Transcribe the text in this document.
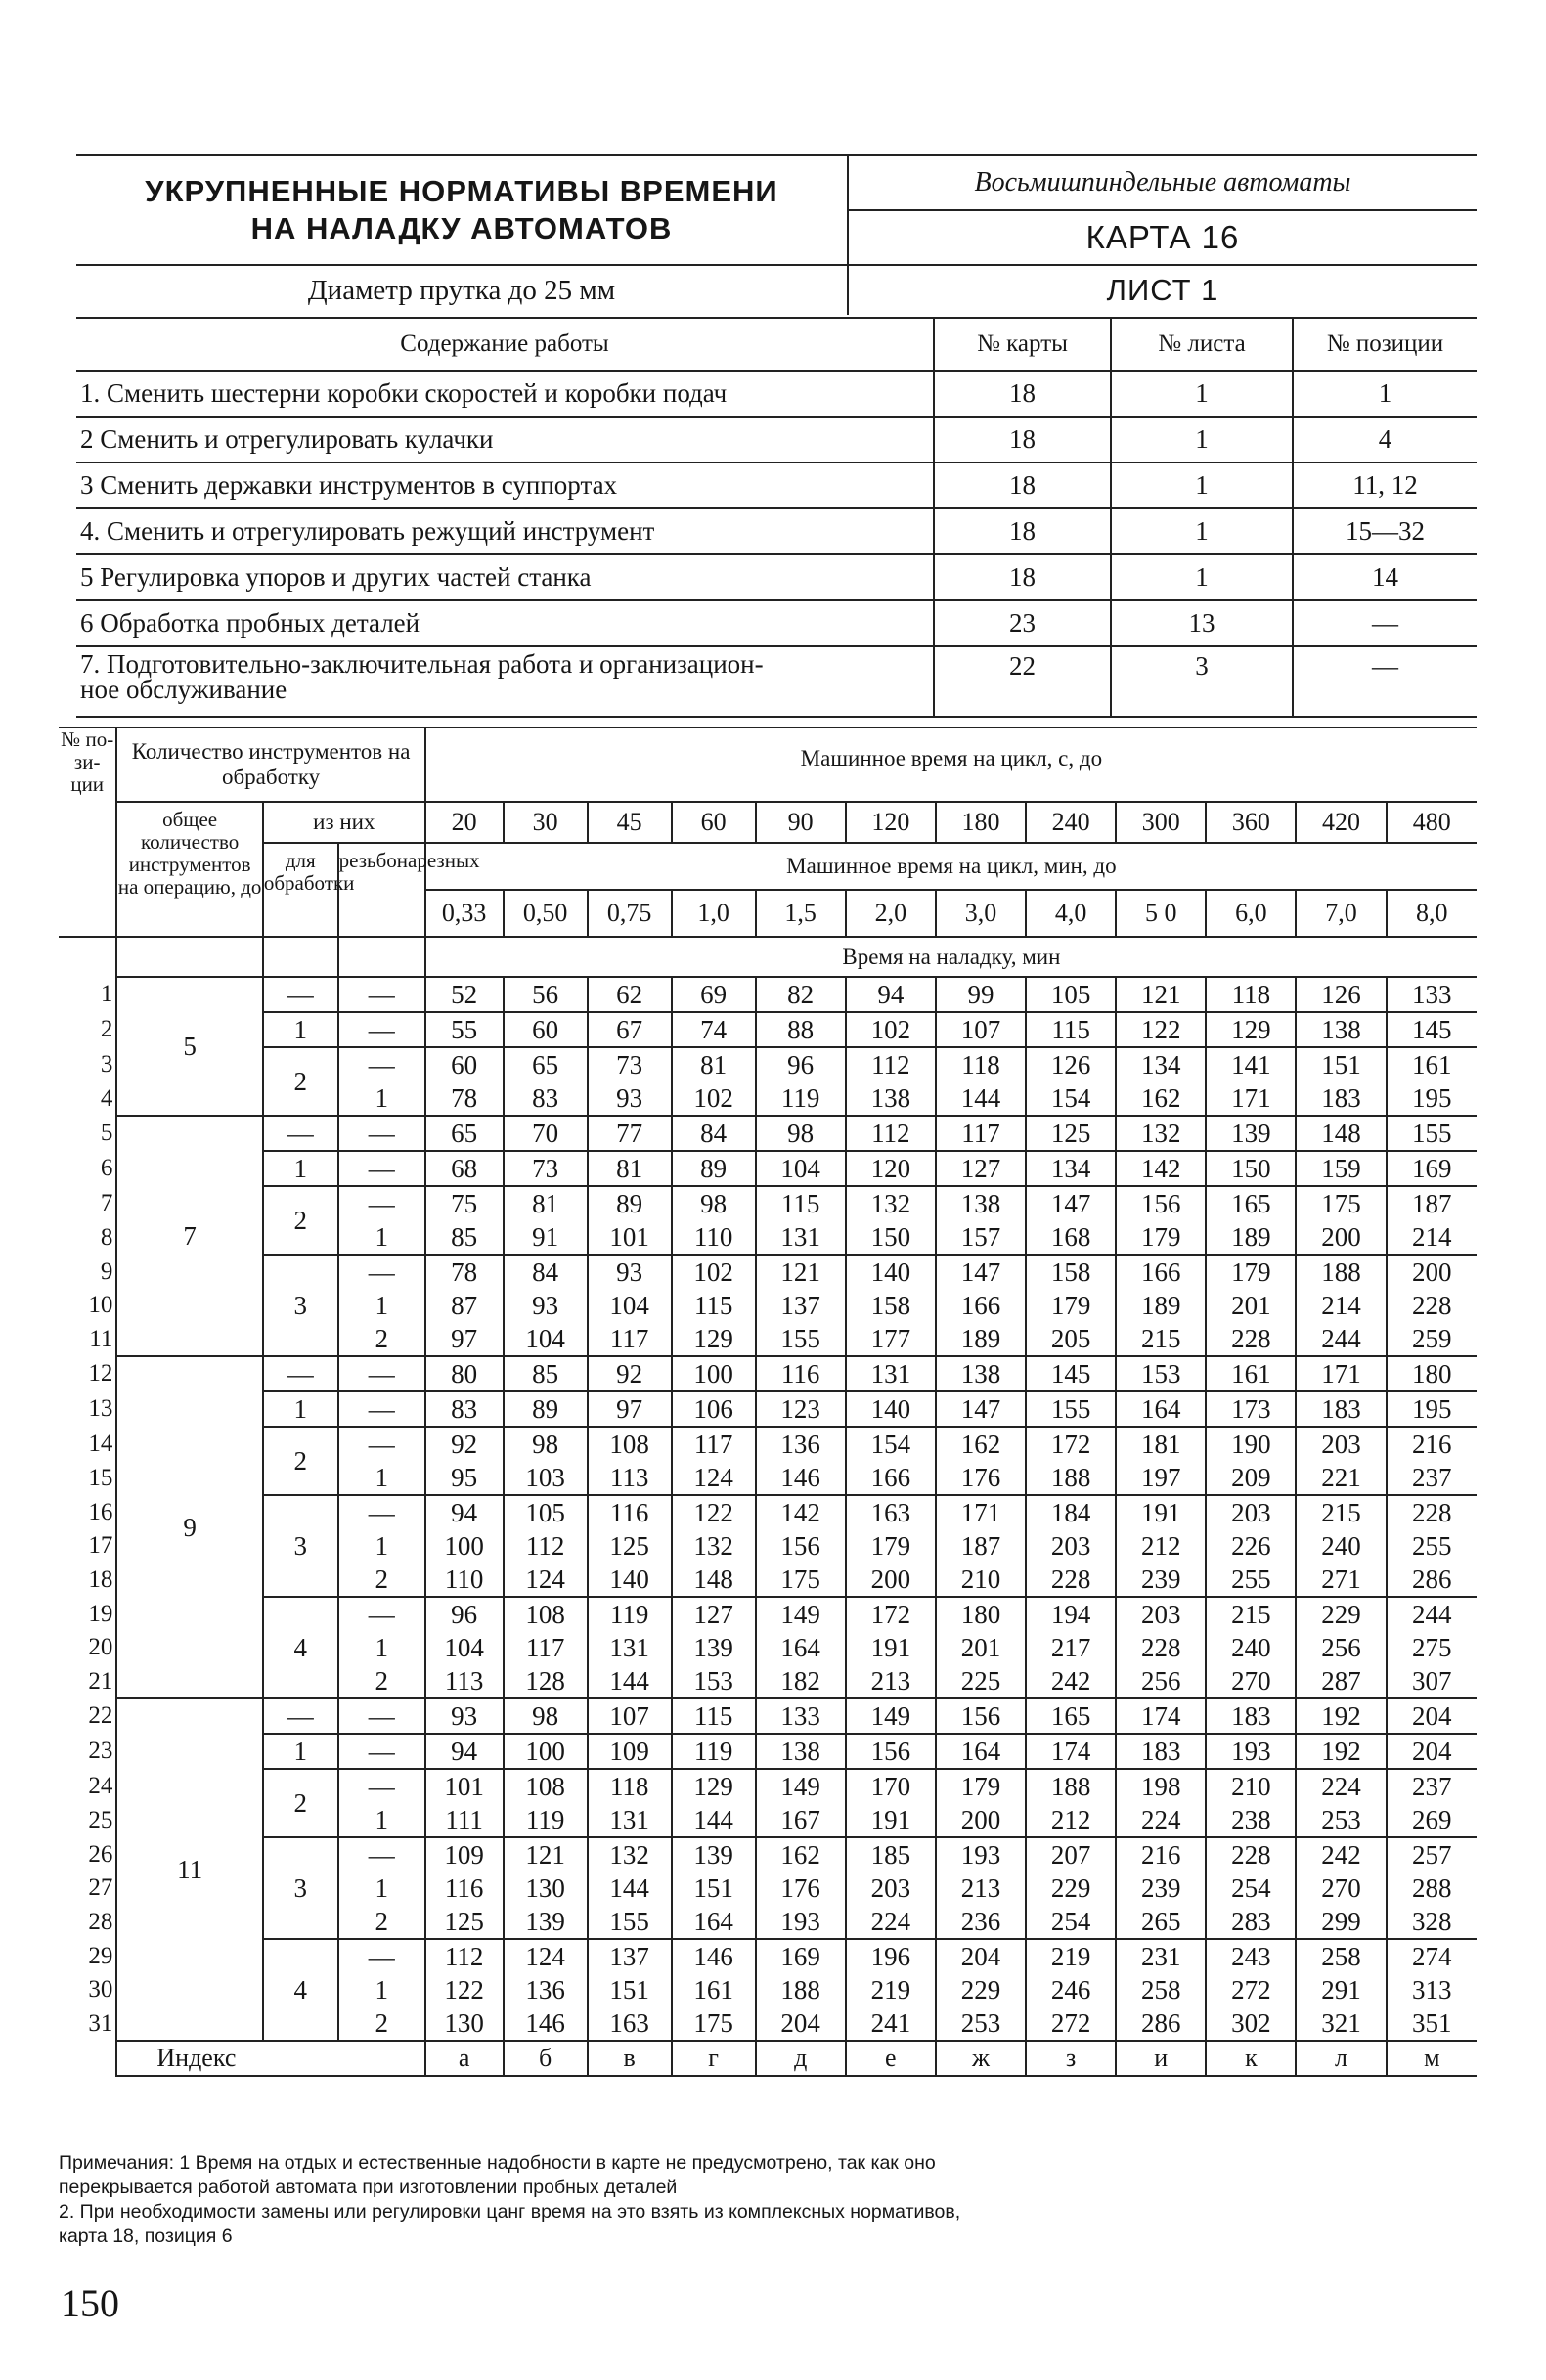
УКРУПНЕННЫЕ НОРМАТИВЫ ВРЕМЕНИ
НА НАЛАДКУ АВТОМАТОВ	Восьмишпиндельные автоматы
	КАРТА 16
Диаметр прутка до 25 мм	ЛИСТ 1
Содержание работы	№ карты	№ листа	№ позиции
1. Сменить шестерни коробки скоростей и коробки подач	18	1	1
2 Сменить и отрегулировать кулачки	18	1	4
3 Сменить державки инструментов в суппортах	18	1	11, 12
4. Сменить и отрегулировать режущий инструмент	18	1	15—32
5 Регулировка упоров и других частей станка	18	1	14
6 Обработка пробных деталей	23	13	—

7. Подготовительно-заключительная работа и организацион-
ное обслуживание	22	3	—
№ по- зи- ции	Количество инструментов на обработку			Машинное время на цикл, с, до											
	общее количество инструментов на операцию, до	из них		20	30	45	60	90	120	180	240	300	360	420	480
		для обработки	резьбонарезных	Машинное время на цикл, мин, до											
				0,33	0,50	0,75	1,0	1,5	2,0	3,0	4,0	5 0	6,0	7,0	8,0
				Время на наладку, мин											
1	5	—	—	52	56	62	69	82	94	99	105	121	118	126	133
2		1	—	55	60	67	74	88	102	107	115	122	129	138	145
3		2	—	60	65	73	81	96	112	118	126	134	141	151	161
4			1	78	83	93	102	119	138	144	154	162	171	183	195
5	7	—	—	65	70	77	84	98	112	117	125	132	139	148	155
6		1	—	68	73	81	89	104	120	127	134	142	150	159	169
7		2	—	75	81	89	98	115	132	138	147	156	165	175	187
8			1	85	91	101	110	131	150	157	168	179	189	200	214
9		3	—	78	84	93	102	121	140	147	158	166	179	188	200
10			1	87	93	104	115	137	158	166	179	189	201	214	228
11			2	97	104	117	129	155	177	189	205	215	228	244	259
12	9	—	—	80	85	92	100	116	131	138	145	153	161	171	180
13		1	—	83	89	97	106	123	140	147	155	164	173	183	195
14		2	—	92	98	108	117	136	154	162	172	181	190	203	216
15			1	95	103	113	124	146	166	176	188	197	209	221	237
16		3	—	94	105	116	122	142	163	171	184	191	203	215	228
17			1	100	112	125	132	156	179	187	203	212	226	240	255
18			2	110	124	140	148	175	200	210	228	239	255	271	286
19		4	—	96	108	119	127	149	172	180	194	203	215	229	244
20			1	104	117	131	139	164	191	201	217	228	240	256	275
21			2	113	128	144	153	182	213	225	242	256	270	287	307
22	11	—	—	93	98	107	115	133	149	156	165	174	183	192	204
23		1	—	94	100	109	119	138	156	164	174	183	193	192	204
24		2	—	101	108	118	129	149	170	179	188	198	210	224	237
25			1	111	119	131	144	167	191	200	212	224	238	253	269
26		3	—	109	121	132	139	162	185	193	207	216	228	242	257
27			1	116	130	144	151	176	203	213	229	239	254	270	288
28			2	125	139	155	164	193	224	236	254	265	283	299	328
29		4	—	112	124	137	146	169	196	204	219	231	243	258	274
30			1	122	136	151	161	188	219	229	246	258	272	291	313
31			2	130	146	163	175	204	241	253	272	286	302	321	351
	Индекс			а	б	в	г	д	е	ж	з	и	к	л	м

Примечания: 1 Время на отдых и естественные надобности в карте не предусмотрено, так как оно

перекрывается работой автомата при изготовлении пробных деталей

2. При необходимости замены или регулировки цанг время на это взять из комплексных нормативов,

карта 18, позиция 6

150
